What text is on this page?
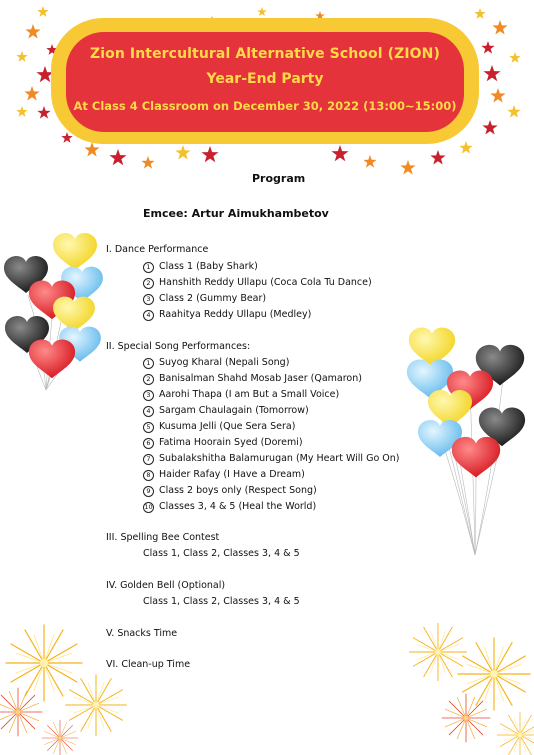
Zion Intercultural Alternative School (ZION)
Year-End Party
At Class 4 Classroom on December 30, 2022 (13:00~15:00)
Program
Emcee: Artur Aimukhambetov
I. Dance Performance
1 Class 1 (Baby Shark)
2 Hanshith Reddy Ullapu (Coca Cola Tu Dance)
3 Class 2 (Gummy Bear)
4 Raahitya Reddy Ullapu (Medley)
II. Special Song Performances:
1 Suyog Kharal (Nepali Song)
2 Banisalman Shahd Mosab Jaser (Qamaron)
3 Aarohi Thapa (I am But a Small Voice)
4 Sargam Chaulagain (Tomorrow)
5 Kusuma Jelli (Que Sera Sera)
6 Fatima Hoorain Syed (Doremi)
7 Subalakshitha Balamurugan (My Heart Will Go On)
8 Haider Rafay (I Have a Dream)
9 Class 2 boys only (Respect Song)
10 Classes 3, 4 & 5 (Heal the World)
III. Spelling Bee Contest
Class 1, Class 2, Classes 3, 4 & 5
IV. Golden Bell (Optional)
Class 1, Class 2, Classes 3, 4 & 5
V. Snacks Time
VI. Clean-up Time
